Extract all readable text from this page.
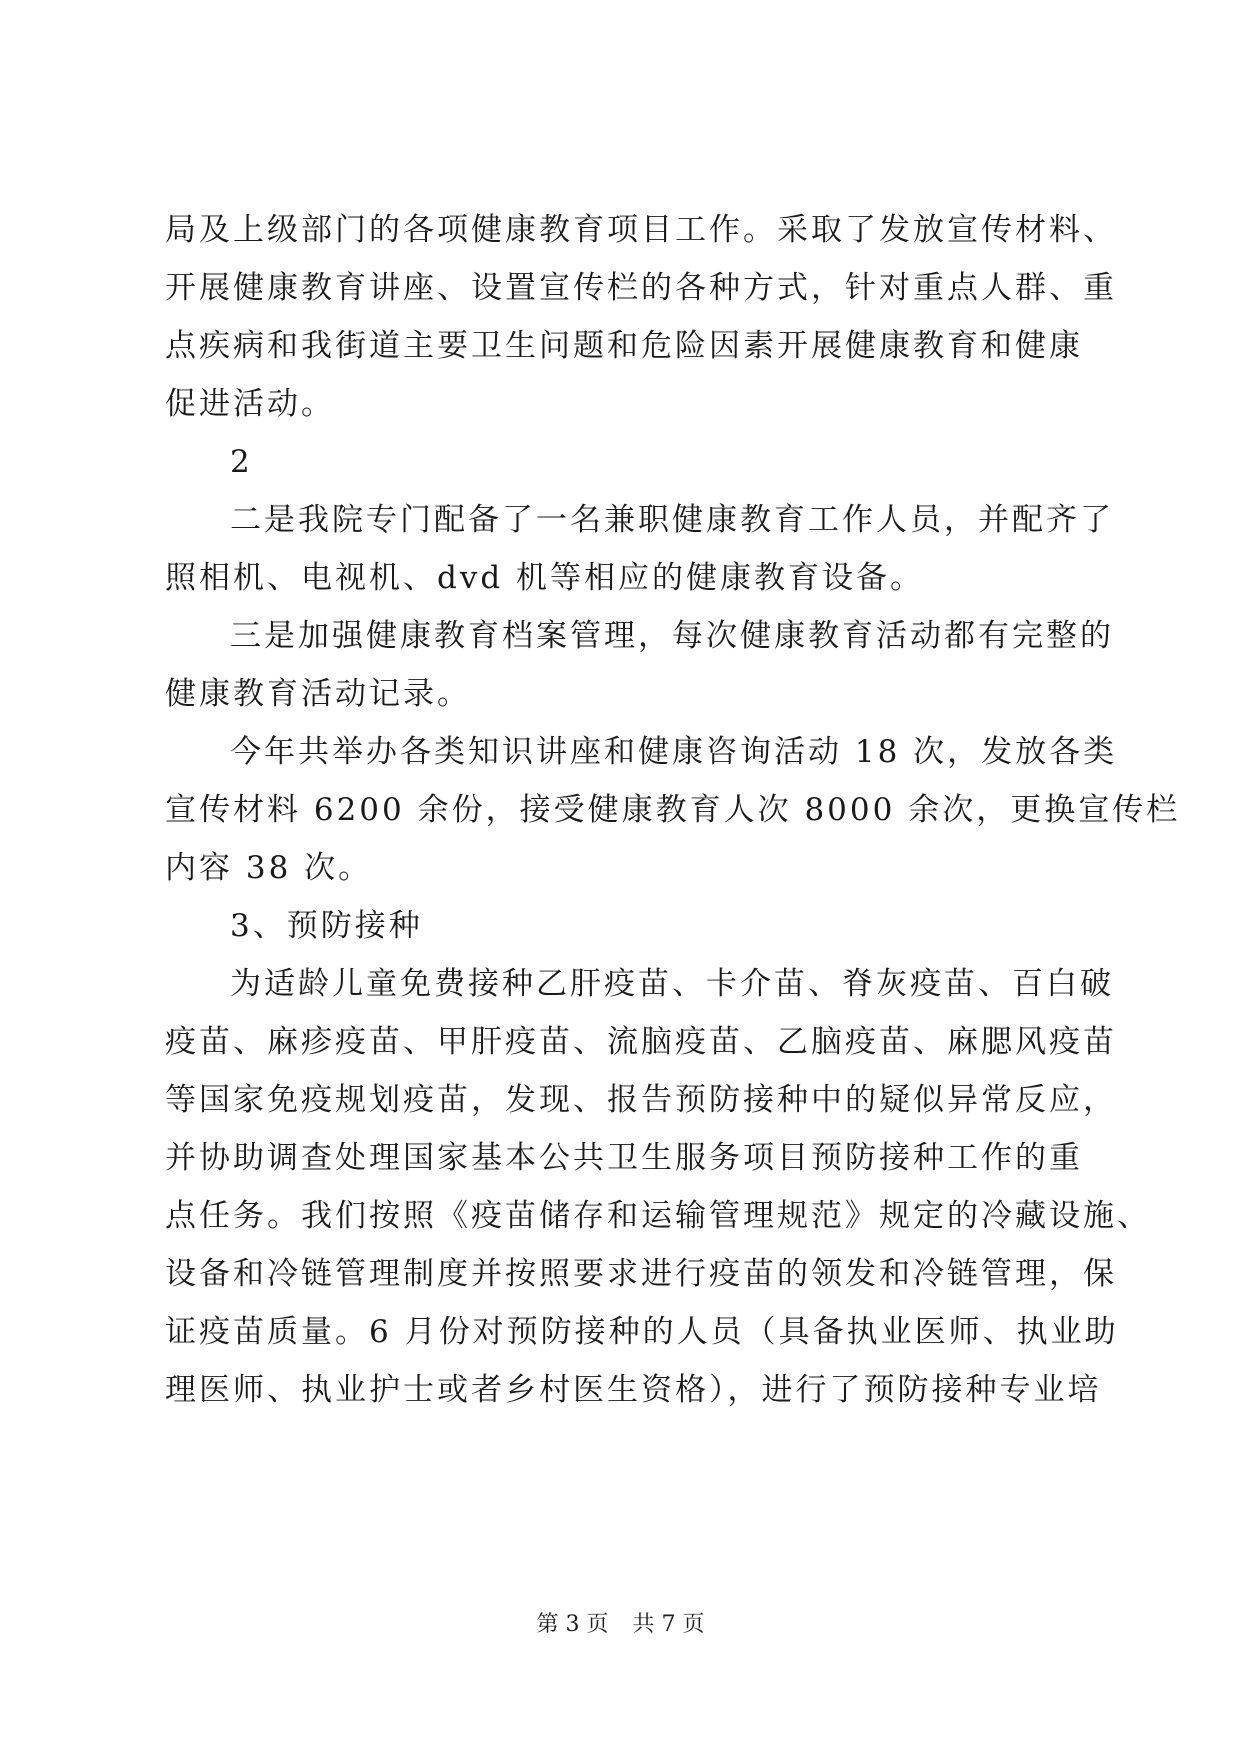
局及上级部门的各项健康教育项目工作。采取了发放宣传材料、
开展健康教育讲座、设置宣传栏的各种方式，针对重点人群、重
点疾病和我街道主要卫生问题和危险因素开展健康教育和健康
促进活动。
2
二是我院专门配备了一名兼职健康教育工作人员，并配齐了
照相机、电视机、dvd 机等相应的健康教育设备。
三是加强健康教育档案管理，每次健康教育活动都有完整的
健康教育活动记录。
今年共举办各类知识讲座和健康咨询活动 18 次，发放各类
宣传材料 6200 余份，接受健康教育人次 8000 余次，更换宣传栏
内容 38 次。
3、预防接种
为适龄儿童免费接种乙肝疫苗、卡介苗、脊灰疫苗、百白破
疫苗、麻疹疫苗、甲肝疫苗、流脑疫苗、乙脑疫苗、麻腮风疫苗
等国家免疫规划疫苗，发现、报告预防接种中的疑似异常反应，
并协助调查处理国家基本公共卫生服务项目预防接种工作的重
点任务。我们按照《疫苗储存和运输管理规范》规定的冷藏设施、
设备和冷链管理制度并按照要求进行疫苗的领发和冷链管理，保
证疫苗质量。6 月份对预防接种的人员（具备执业医师、执业助
理医师、执业护士或者乡村医生资格），进行了预防接种专业培
第 3 页 共 7 页
